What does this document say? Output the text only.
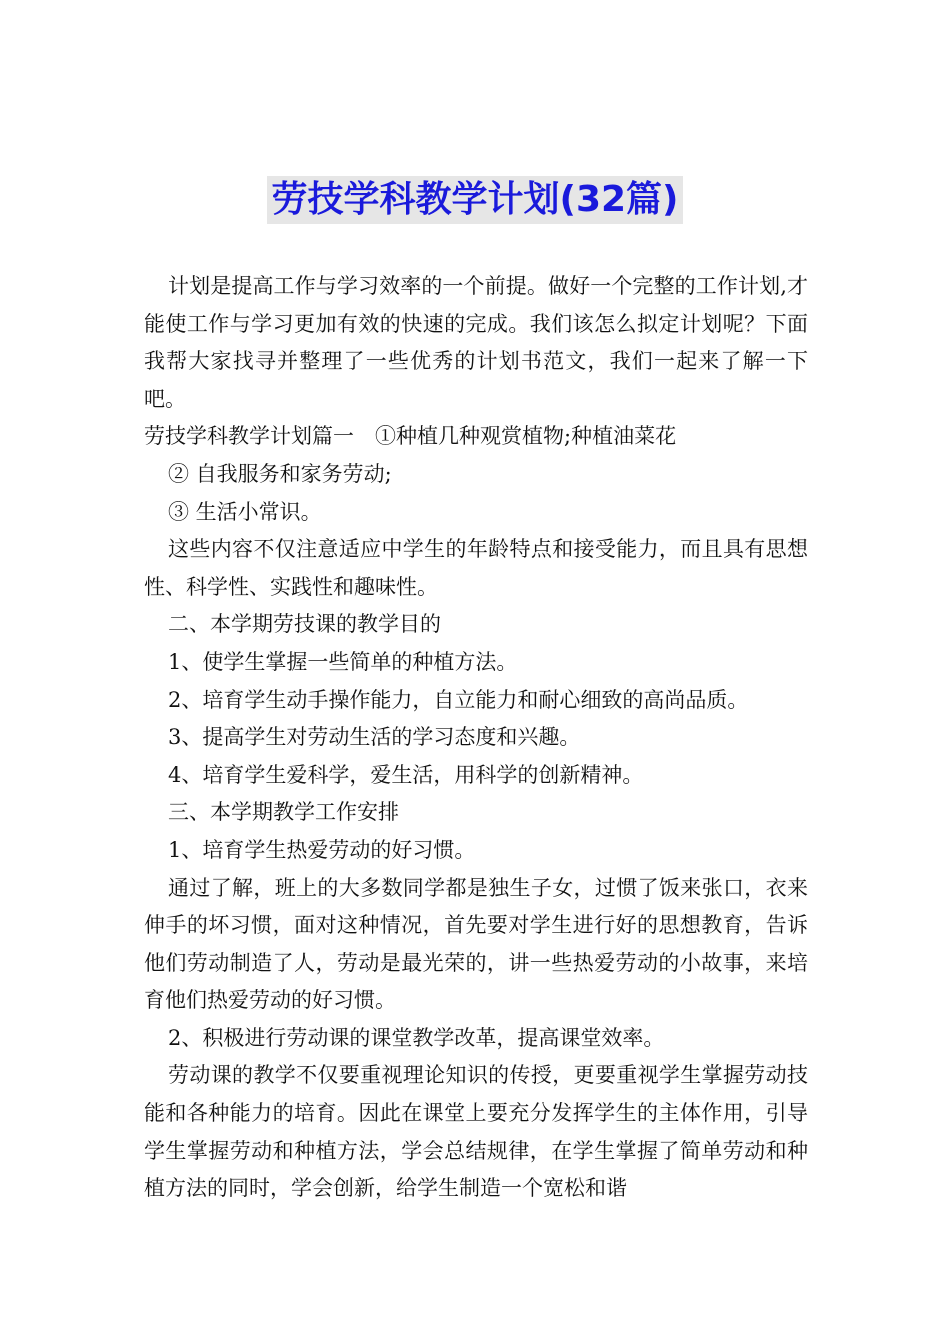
劳技学科教学计划(32篇)

计划是提高工作与学习效率的一个前提。做好一个完整的工作计划,才能使工作与学习更加有效的快速的完成。我们该怎么拟定计划呢？下面我帮大家找寻并整理了一些优秀的计划书范文，我们一起来了解一下吧。

劳技学科教学计划篇一　①种植几种观赏植物;种植油菜花

② 自我服务和家务劳动;

③ 生活小常识。

这些内容不仅注意适应中学生的年龄特点和接受能力，而且具有思想性、科学性、实践性和趣味性。

二、本学期劳技课的教学目的

1、使学生掌握一些简单的种植方法。

2、培育学生动手操作能力，自立能力和耐心细致的高尚品质。

3、提高学生对劳动生活的学习态度和兴趣。

4、培育学生爱科学，爱生活，用科学的创新精神。

三、本学期教学工作安排

1、培育学生热爱劳动的好习惯。

通过了解，班上的大多数同学都是独生子女，过惯了饭来张口，衣来伸手的坏习惯，面对这种情况，首先要对学生进行好的思想教育，告诉他们劳动制造了人，劳动是最光荣的，讲一些热爱劳动的小故事，来培育他们热爱劳动的好习惯。

2、积极进行劳动课的课堂教学改革，提高课堂效率。

劳动课的教学不仅要重视理论知识的传授，更要重视学生掌握劳动技能和各种能力的培育。因此在课堂上要充分发挥学生的主体作用，引导学生掌握劳动和种植方法，学会总结规律，在学生掌握了简单劳动和种植方法的同时，学会创新，给学生制造一个宽松和谐
